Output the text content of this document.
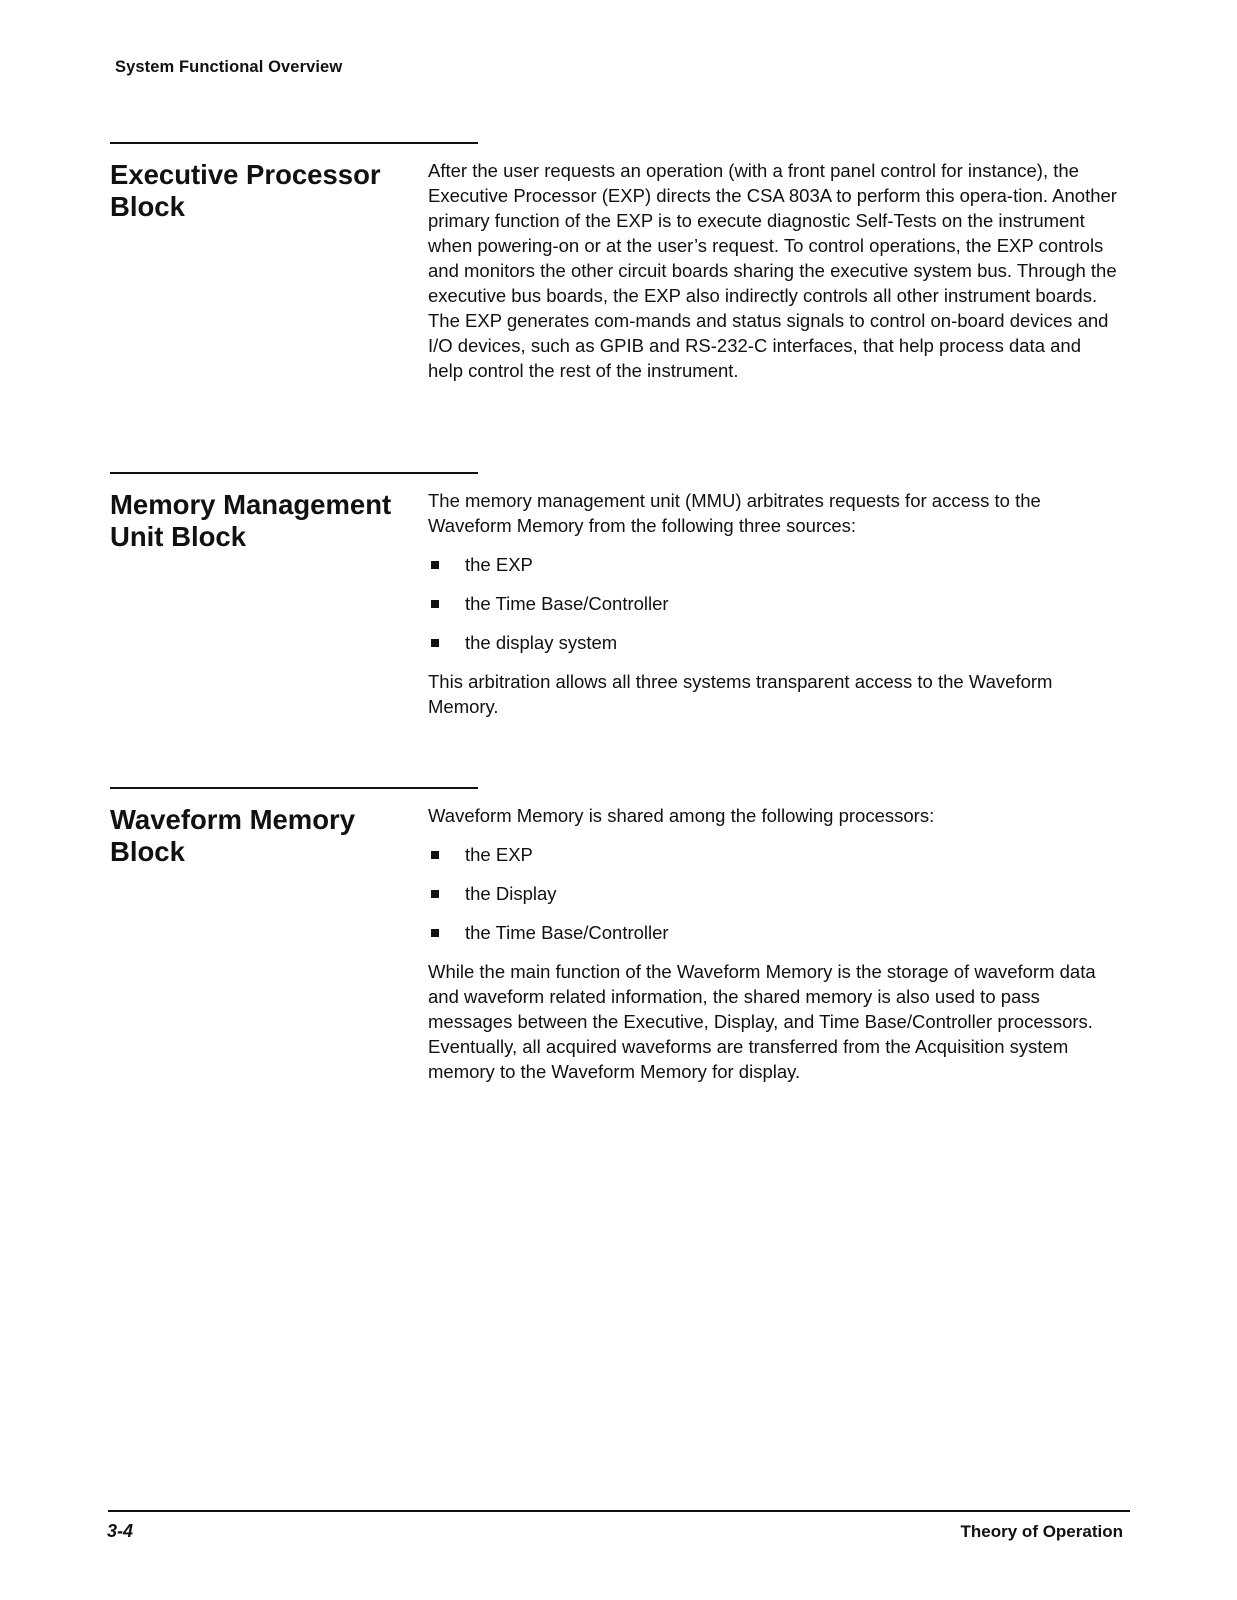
System Functional Overview
Executive Processor Block

After the user requests an operation (with a front panel control for instance), the Executive Processor (EXP) directs the CSA 803A to perform this opera-tion. Another primary function of the EXP is to execute diagnostic Self-Tests on the instrument when powering-on or at the user’s request. To control operations, the EXP controls and monitors the other circuit boards sharing the executive system bus. Through the executive bus boards, the EXP also indirectly controls all other instrument boards. The EXP generates com-mands and status signals to control on-board devices and I/O devices, such as GPIB and RS-232-C interfaces, that help process data and help control the rest of the instrument.

Memory Management Unit Block

The memory management unit (MMU) arbitrates requests for access to the Waveform Memory from the following three sources:

the EXP
the Time Base/Controller
the display system

This arbitration allows all three systems transparent access to the Waveform Memory.

Waveform Memory Block

Waveform Memory is shared among the following processors:

the EXP
the Display
the Time Base/Controller

While the main function of the Waveform Memory is the storage of waveform data and waveform related information, the shared memory is also used to pass messages between the Executive, Display, and Time Base/Controller processors. Eventually, all acquired waveforms are transferred from the Acquisition system memory to the Waveform Memory for display.

3-4	Theory of Operation
